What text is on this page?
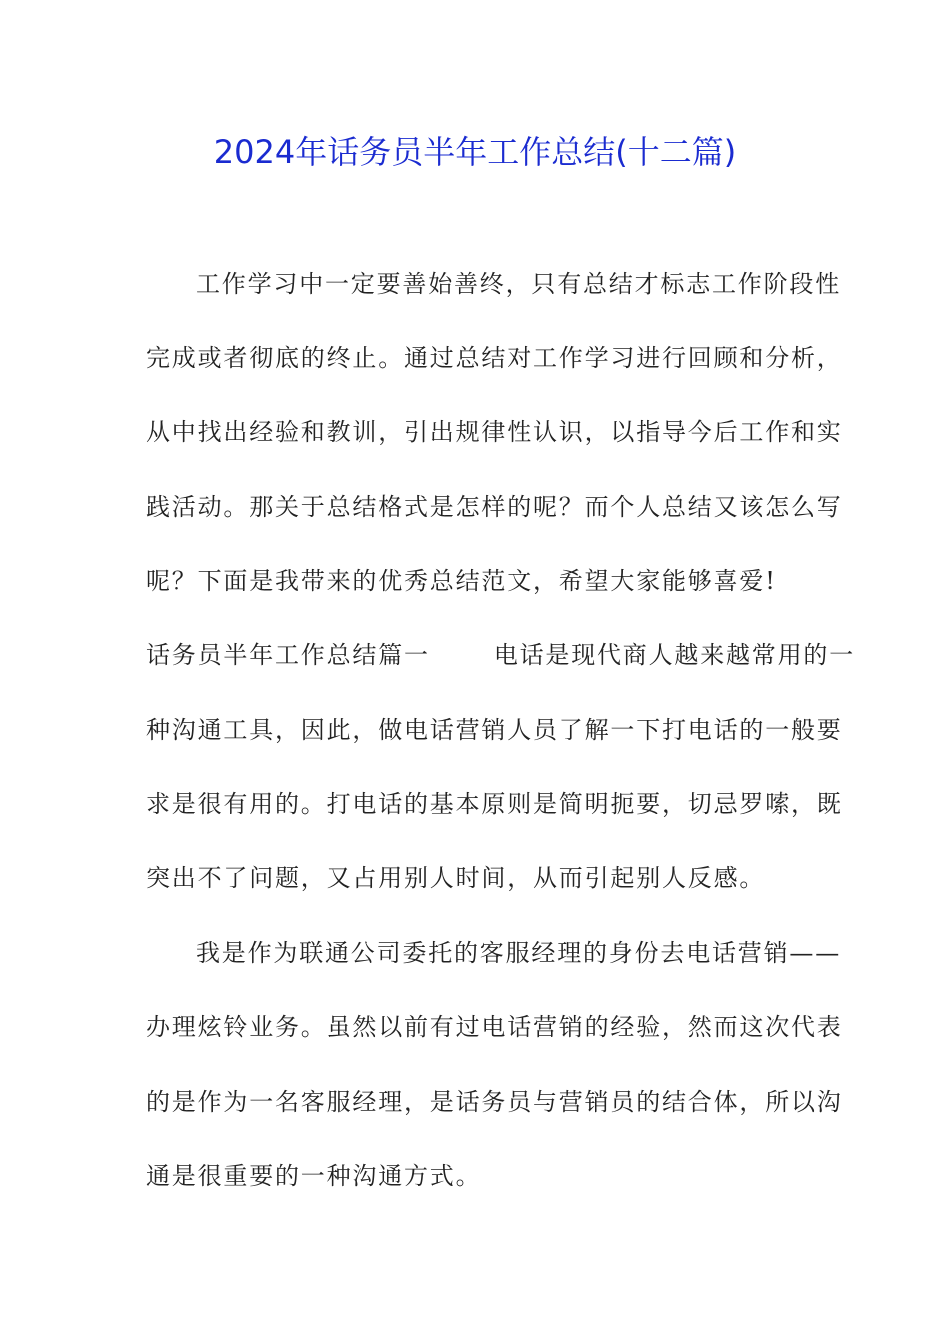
2024年话务员半年工作总结(十二篇)
工作学习中一定要善始善终，只有总结才标志工作阶段性
完成或者彻底的终止。通过总结对工作学习进行回顾和分析，
从中找出经验和教训，引出规律性认识，以指导今后工作和实
践活动。那关于总结格式是怎样的呢？而个人总结又该怎么写
呢？下面是我带来的优秀总结范文，希望大家能够喜爱!
话务员半年工作总结篇一	电话是现代商人越来越常用的一
种沟通工具，因此，做电话营销人员了解一下打电话的一般要
求是很有用的。打电话的基本原则是简明扼要，切忌罗嗦，既
突出不了问题，又占用别人时间，从而引起别人反感。
我是作为联通公司委托的客服经理的身份去电话营销——
办理炫铃业务。虽然以前有过电话营销的经验，然而这次代表
的是作为一名客服经理，是话务员与营销员的结合体，所以沟
通是很重要的一种沟通方式。
